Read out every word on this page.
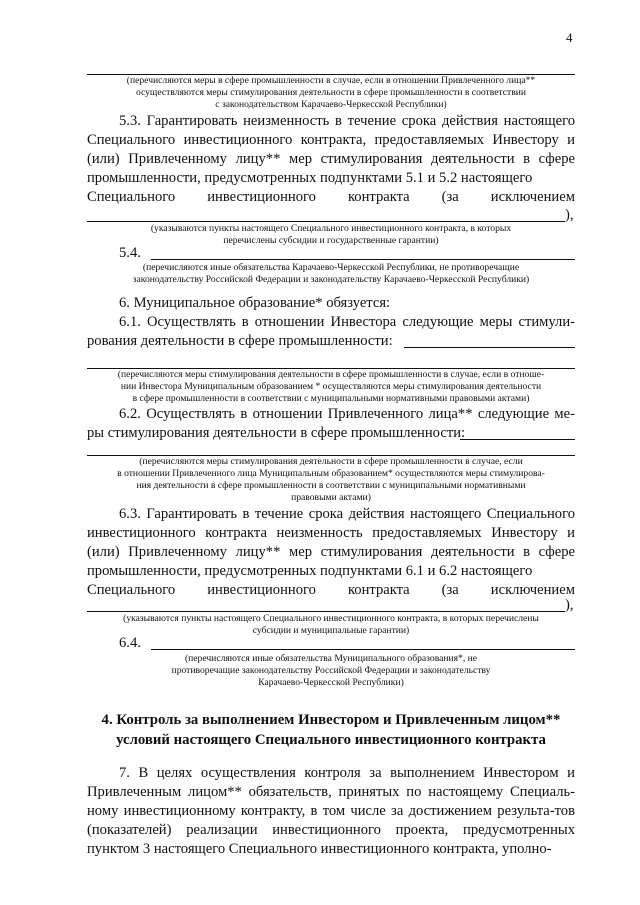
4
(перечисляются меры в сфере промышленности в случае, если в отношении Привлеченного лица**
осуществляются меры стимулирования деятельности в сфере промышленности в соответствии
с законодательством Карачаево-Черкесской Республики)
5.3. Гарантировать неизменность в течение срока действия настоящего Специального инвестиционного контракта, предоставляемых Инвестору и (или) Привлеченному лицу** мер стимулирования деятельности в сфере промышленности, предусмотренных подпунктами 5.1 и 5.2 настоящего
Специального инвестиционного контракта (за исключением
),
(указываются пункты настоящего Специального инвестиционного контракта, в которых
перечислены субсидии и государственные гарантии)
5.4.
(перечисляются иные обязательства Карачаево-Черкесской Республики, не противоречащие
законодательству Российской Федерации и законодательству Карачаево-Черкесской Республики)
6. Муниципальное образование* обязуется:
6.1. Осуществлять в отношении Инвестора следующие меры стимули-
рования деятельности в сфере промышленности:
(перечисляются меры стимулирования деятельности в сфере промышленности в случае, если в отноше-
нии Инвестора Муниципальным образованием * осуществляются меры стимулирования деятельности
в сфере промышленности в соответствии с муниципальными нормативными правовыми актами)
6.2. Осуществлять в отношении Привлеченного лица** следующие ме-
ры стимулирования деятельности в сфере промышленности:
(перечисляются меры стимулирования деятельности в сфере промышленности в случае, если
в отношении Привлеченного лица Муниципальным образованием* осуществляются меры стимулирова-
ния деятельности в сфере промышленности в соответствии с муниципальными нормативными
правовыми актами)
6.3. Гарантировать в течение срока действия настоящего Специального инвестиционного контракта неизменность предоставляемых Инвестору и (или) Привлеченному лицу** мер стимулирования деятельности в сфере промышленности, предусмотренных подпунктами 6.1 и 6.2 настоящего
Специального инвестиционного контракта (за исключением
),
(указываются пункты настоящего Специального инвестиционного контракта, в которых перечислены
субсидии и муниципальные гарантии)
6.4.
(перечисляются иные обязательства Муниципального образования*, не
противоречащие законодательству Российской Федерации и законодательству
Карачаево-Черкесской Республики)
4. Контроль за выполнением Инвестором и Привлеченным лицом**
условий настоящего Специального инвестиционного контракта
7. В целях осуществления контроля за выполнением Инвестором и Привлеченным лицом** обязательств, принятых по настоящему Специаль-ному инвестиционному контракту, в том числе за достижением результа-тов (показателей) реализации инвестиционного проекта, предусмотренных пунктом 3 настоящего Специального инвестиционного контракта, уполно-
